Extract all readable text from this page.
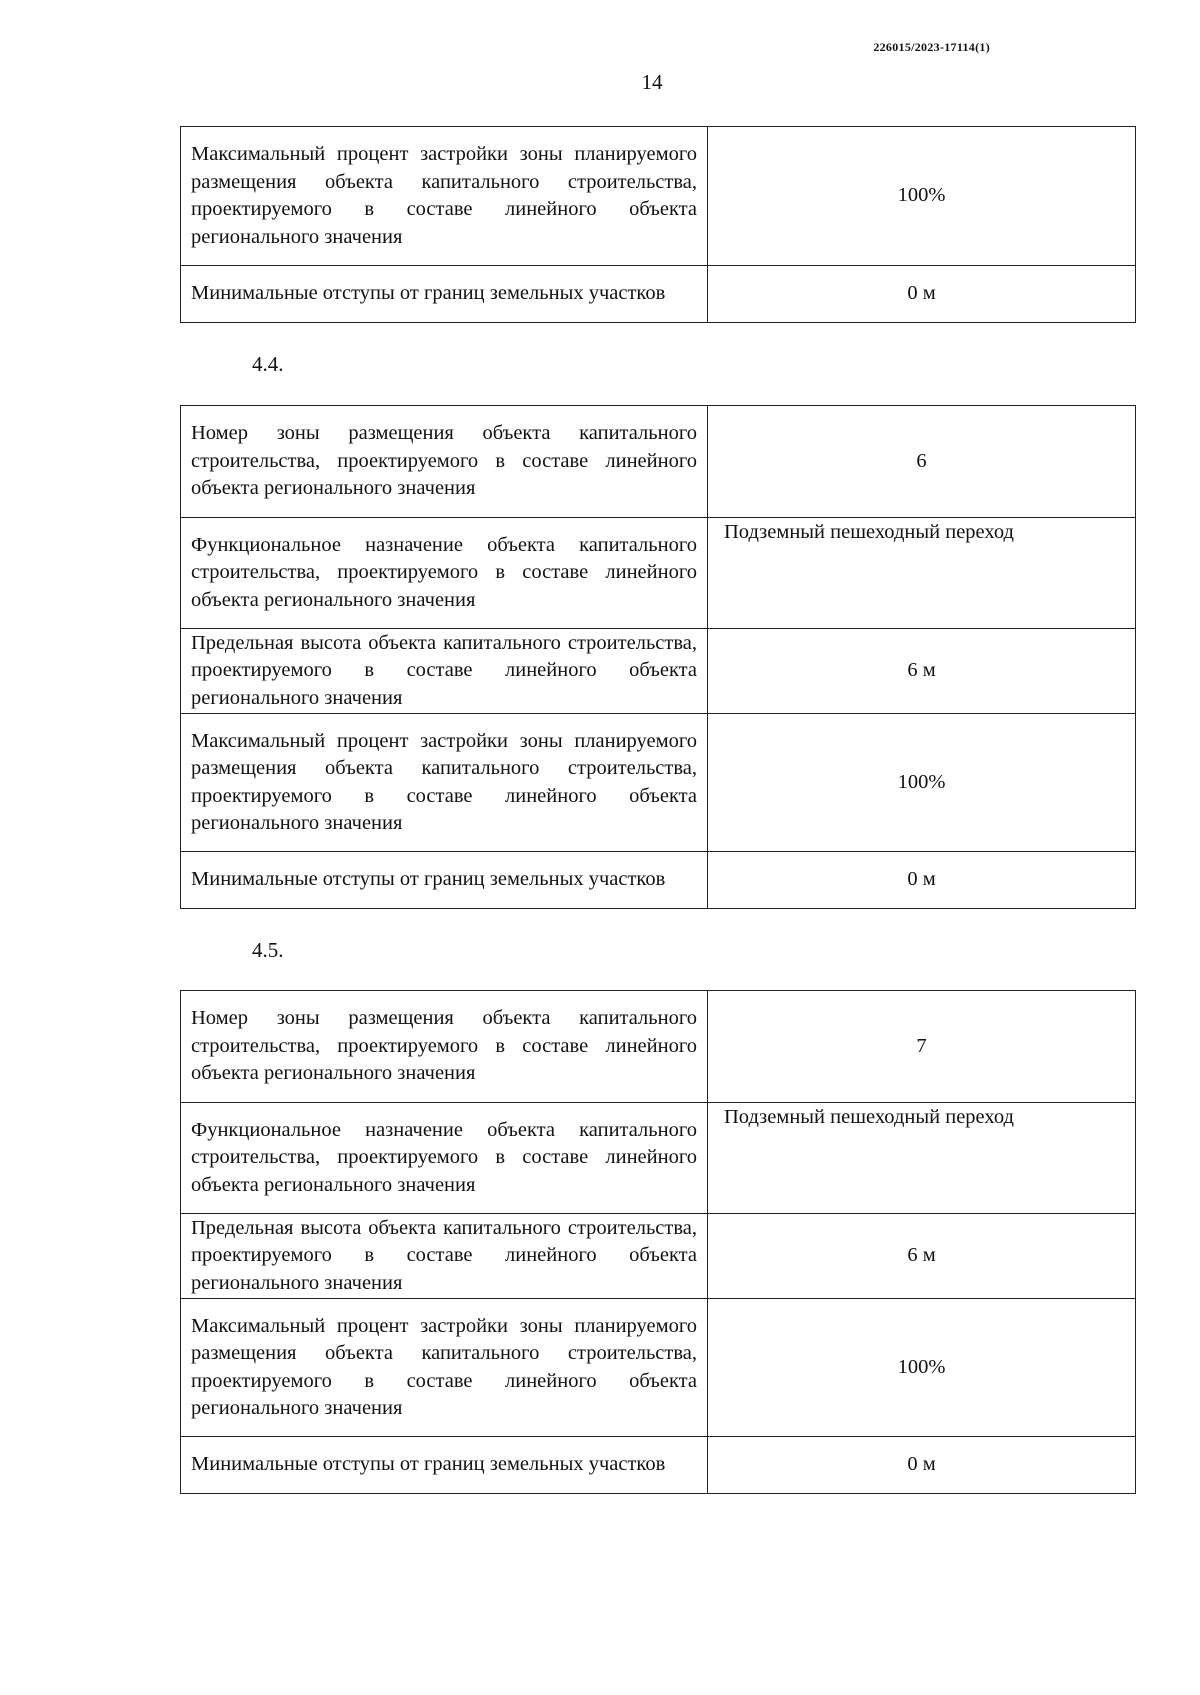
226015/2023-17114(1)
14
Максимальный процент застройки зоны планируемого размещения объекта капитального строительства, проектируемого в составе линейного объекта регионального значения	100%
Минимальные отступы от границ земельных участков	0 м
4.4.
Номер зоны размещения объекта капитального строительства, проектируемого в составе линейного объекта регионального значения	6
Функциональное назначение объекта капитального строительства, проектируемого в составе линейного объекта регионального значения	Подземный пешеходный переход
Предельная высота объекта капитального строительства, проектируемого в составе линейного объекта регионального значения	6 м
Максимальный процент застройки зоны планируемого размещения объекта капитального строительства, проектируемого в составе линейного объекта регионального значения	100%
Минимальные отступы от границ земельных участков	0 м
4.5.
Номер зоны размещения объекта капитального строительства, проектируемого в составе линейного объекта регионального значения	7
Функциональное назначение объекта капитального строительства, проектируемого в составе линейного объекта регионального значения	Подземный пешеходный переход
Предельная высота объекта капитального строительства, проектируемого в составе линейного объекта регионального значения	6 м
Максимальный процент застройки зоны планируемого размещения объекта капитального строительства, проектируемого в составе линейного объекта регионального значения	100%
Минимальные отступы от границ земельных участков	0 м
